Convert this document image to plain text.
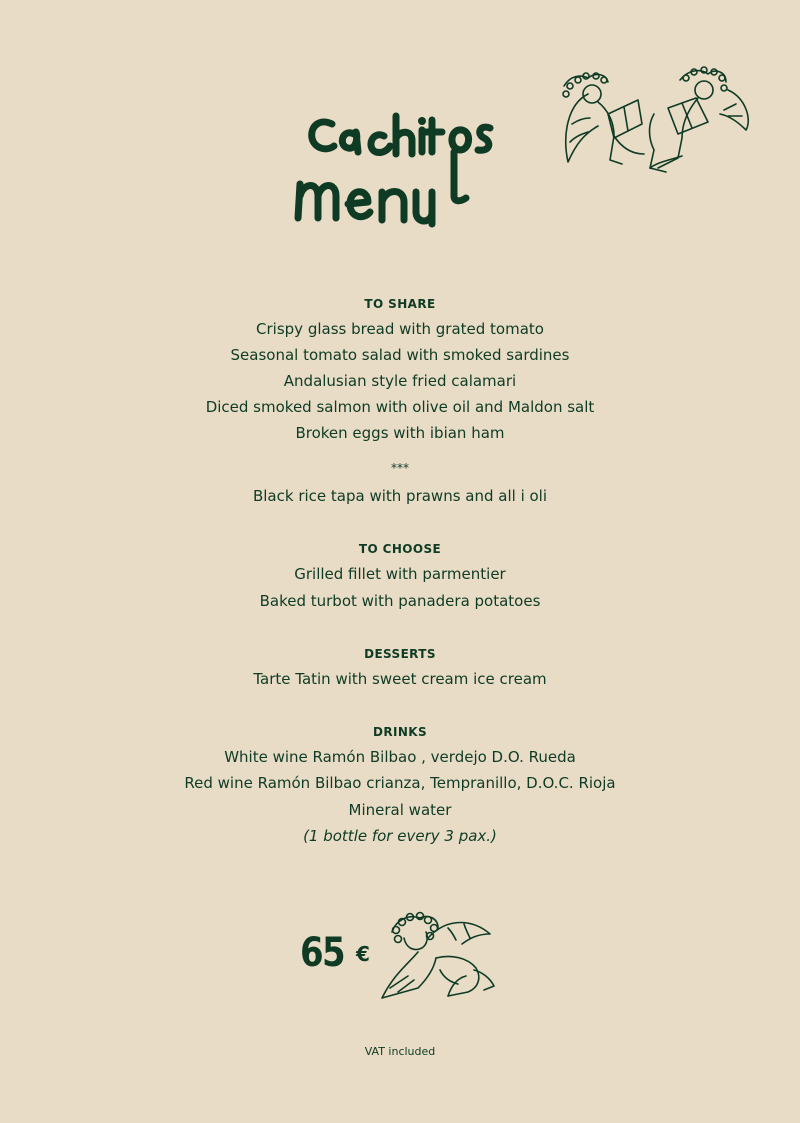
TO SHARE

Crispy glass bread with grated tomato

Seasonal tomato salad with smoked sardines

Andalusian style fried calamari

Diced smoked salmon with olive oil and Maldon salt

Broken eggs with ibian ham

***

Black rice tapa with prawns and all i oli

TO CHOOSE

Grilled fillet with parmentier

Baked turbot with panadera potatoes

DESSERTS

Tarte Tatin with sweet cream ice cream

DRINKS

White wine Ramón Bilbao , verdejo D.O. Rueda

Red wine Ramón Bilbao crianza, Tempranillo, D.O.C. Rioja

Mineral water

(1 bottle for every 3 pax.)

65 €
VAT included
